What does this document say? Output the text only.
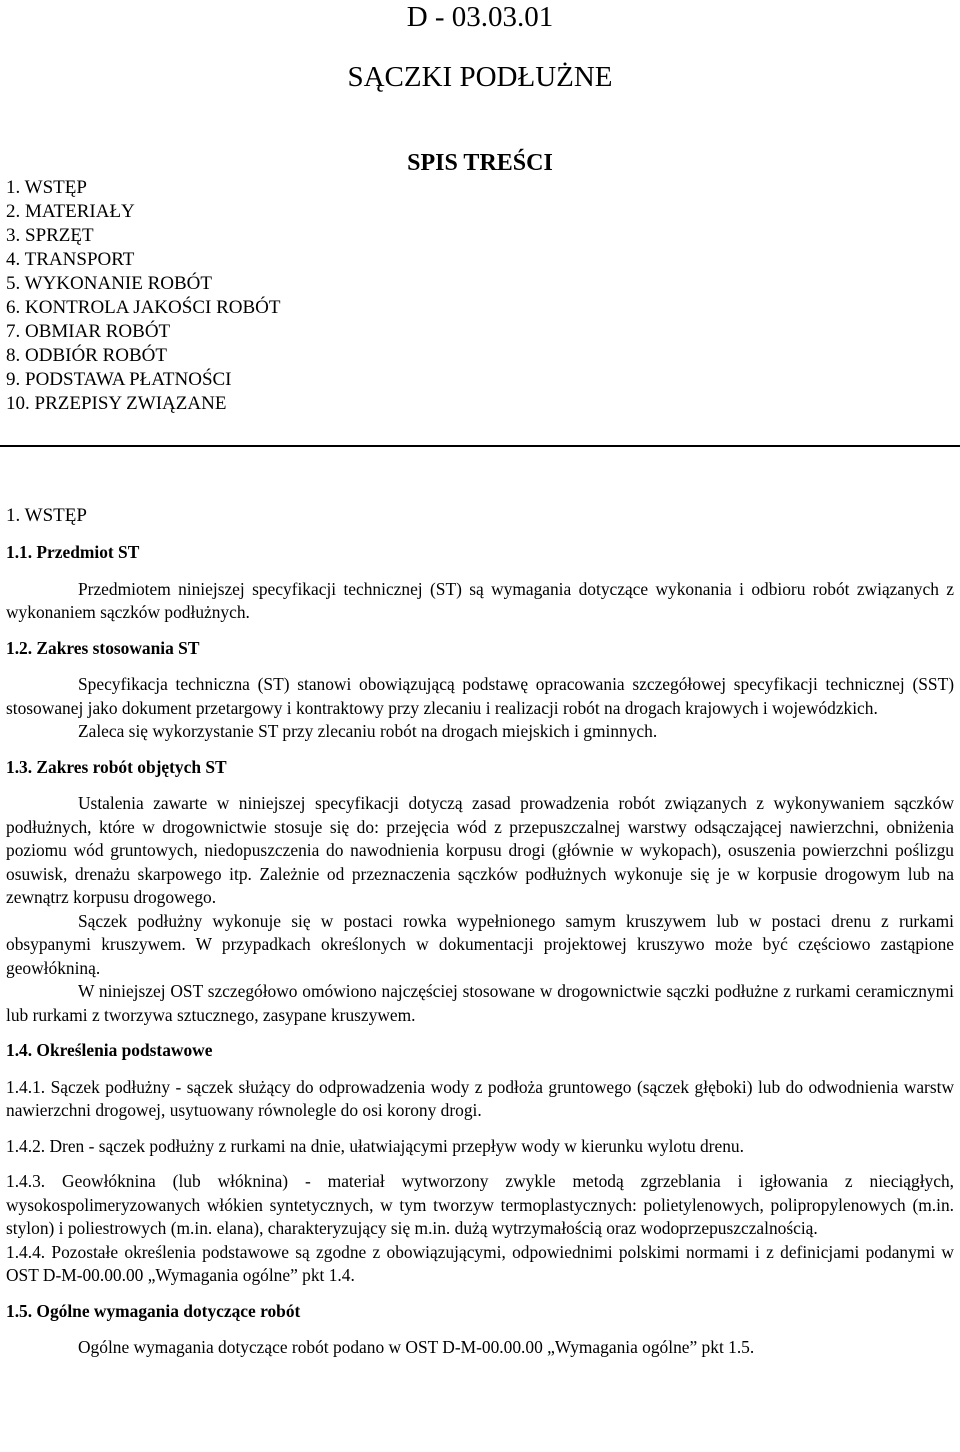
D - 03.03.01
SĄCZKI PODŁUŻNE
SPIS TREŚCI
1. WSTĘP
2. MATERIAŁY
3. SPRZĘT
4. TRANSPORT
5. WYKONANIE ROBÓT
6. KONTROLA JAKOŚCI ROBÓT
7. OBMIAR ROBÓT
8. ODBIÓR ROBÓT
9. PODSTAWA PŁATNOŚCI
10. PRZEPISY ZWIĄZANE
1. WSTĘP
1.1. Przedmiot ST

Przedmiotem niniejszej specyfikacji technicznej (ST) są wymagania dotyczące wykonania i odbioru robót związanych z wykonaniem sączków podłużnych.

1.2. Zakres stosowania ST

Specyfikacja techniczna (ST) stanowi obowiązującą podstawę opracowania szczegółowej specyfikacji technicznej (SST) stosowanej jako dokument przetargowy i kontraktowy przy zlecaniu i realizacji robót na drogach krajowych i wojewódzkich.

Zaleca się wykorzystanie ST przy zlecaniu robót na drogach miejskich i gminnych.

1.3. Zakres robót objętych ST

Ustalenia zawarte w niniejszej specyfikacji dotyczą zasad prowadzenia robót związanych z wykonywaniem sączków podłużnych, które w drogownictwie stosuje się do: przejęcia wód z przepuszczalnej warstwy odsączającej nawierzchni, obniżenia poziomu wód gruntowych, niedopuszczenia do nawodnienia korpusu drogi (głównie w wykopach), osuszenia powierzchni poślizgu osuwisk, drenażu skarpowego itp. Zależnie od przeznaczenia sączków podłużnych wykonuje się je w korpusie drogowym lub na zewnątrz korpusu drogowego.

Sączek podłużny wykonuje się w postaci rowka wypełnionego samym kruszywem lub w postaci drenu z rurkami obsypanymi kruszywem. W przypadkach określonych w dokumentacji projektowej kruszywo może być częściowo zastąpione geowłókniną.

W niniejszej OST szczegółowo omówiono najczęściej stosowane w drogownictwie sączki podłużne z rurkami ceramicznymi lub rurkami z tworzywa sztucznego, zasypane kruszywem.

1.4. Określenia podstawowe

1.4.1. Sączek podłużny - sączek służący do odprowadzenia wody z podłoża gruntowego (sączek głęboki) lub do odwodnienia warstw nawierzchni drogowej, usytuowany równolegle do osi korony drogi.

1.4.2. Dren - sączek podłużny z rurkami na dnie, ułatwiającymi przepływ wody w kierunku wylotu drenu.

1.4.3. Geowłóknina (lub włóknina) - materiał wytworzony zwykle metodą zgrzeblania i igłowania z nieciągłych, wysokospolimeryzowanych włókien syntetycznych, w tym tworzyw termoplastycznych: polietylenowych, polipropylenowych (m.in. stylon) i poliestrowych (m.in. elana), charakteryzujący się m.in. dużą wytrzymałością oraz wodoprzepuszczalnością.

1.4.4. Pozostałe określenia podstawowe są zgodne z obowiązującymi, odpowiednimi polskimi normami i z definicjami podanymi w OST D-M-00.00.00 „Wymagania ogólne” pkt 1.4.

1.5. Ogólne wymagania dotyczące robót

Ogólne wymagania dotyczące robót podano w OST D-M-00.00.00 „Wymagania ogólne” pkt 1.5.
